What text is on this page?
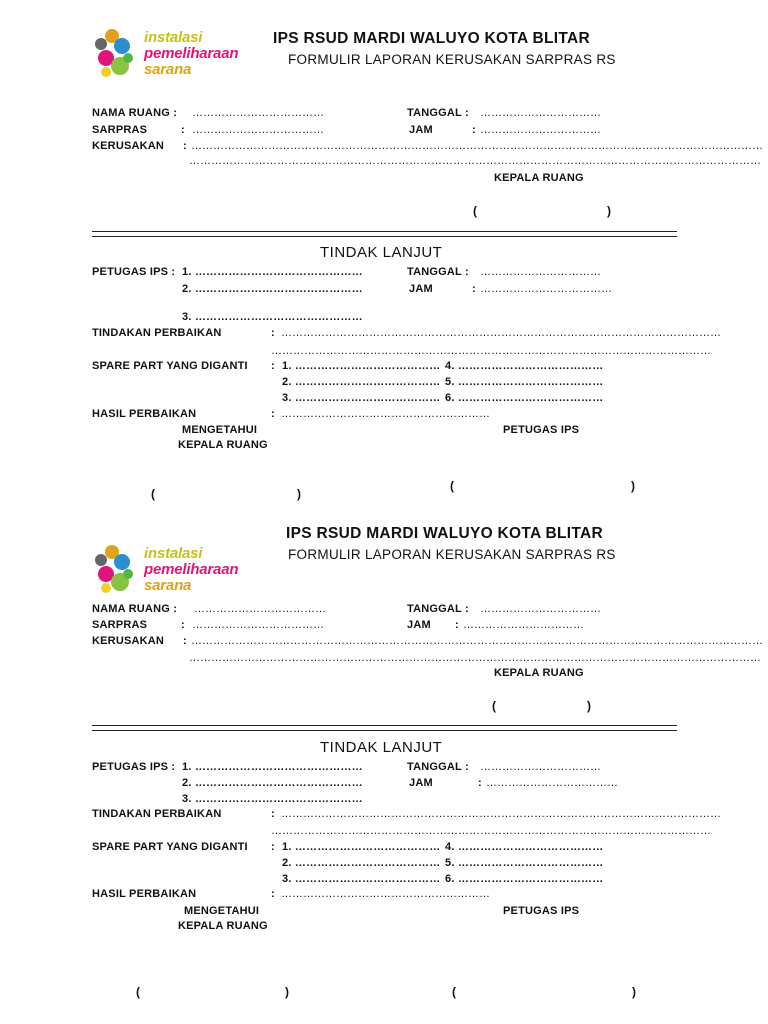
instalasi
pemeliharaan
sarana
IPS RSUD MARDI WALUYO KOTA BLITAR
FORMULIR LAPORAN KERUSAKAN SARPRAS RS
NAMA RUANG : ………………………………	TANGGAL : ……………………………
SARPRAS	: ………………………………	JAM	: ……………………………
KERUSAKAN : …………………………………………………………………………………………………………………………………………
…………………………………………………………………………………………………………………………………………
KEPALA RUANG
(	)
TINDAK LANJUT
PETUGAS IPS : 1. ………………………………………	TANGGAL : ……………………………
2. ………………………………………	JAM	: ………………………………
3. ………………………………………
TINDAKAN PERBAIKAN	: …………………………………………………………………………………………………………
…………………………………………………………………………………………………………
SPARE PART YANG DIGANTI : 1. ………………………………… 4. …………………………………
2. ………………………………… 5. …………………………………
3. ………………………………… 6. …………………………………
HASIL PERBAIKAN	: …………………………………………………
MENGETAHUI	PETUGAS IPS
KEPALA RUANG
(	)
(	)
instalasi
pemeliharaan
sarana
IPS RSUD MARDI WALUYO KOTA BLITAR
FORMULIR LAPORAN KERUSAKAN SARPRAS RS
NAMA RUANG : ………………………………	TANGGAL : ……………………………
SARPRAS	: ………………………………	JAM : ……………………………
KERUSAKAN : …………………………………………………………………………………………………………………………………………
…………………………………………………………………………………………………………………………………………
KEPALA RUANG
(	)
TINDAK LANJUT
PETUGAS IPS : 1. ………………………………………	TANGGAL : ……………………………
2. ………………………………………	JAM	: ………………………………
3. ………………………………………
TINDAKAN PERBAIKAN	: …………………………………………………………………………………………………………
…………………………………………………………………………………………………………
SPARE PART YANG DIGANTI : 1. ………………………………… 4. …………………………………
2. ………………………………… 5. …………………………………
3. ………………………………… 6. …………………………………
HASIL PERBAIKAN	: …………………………………………………
MENGETAHUI	PETUGAS IPS
KEPALA RUANG
(	)	(	)
